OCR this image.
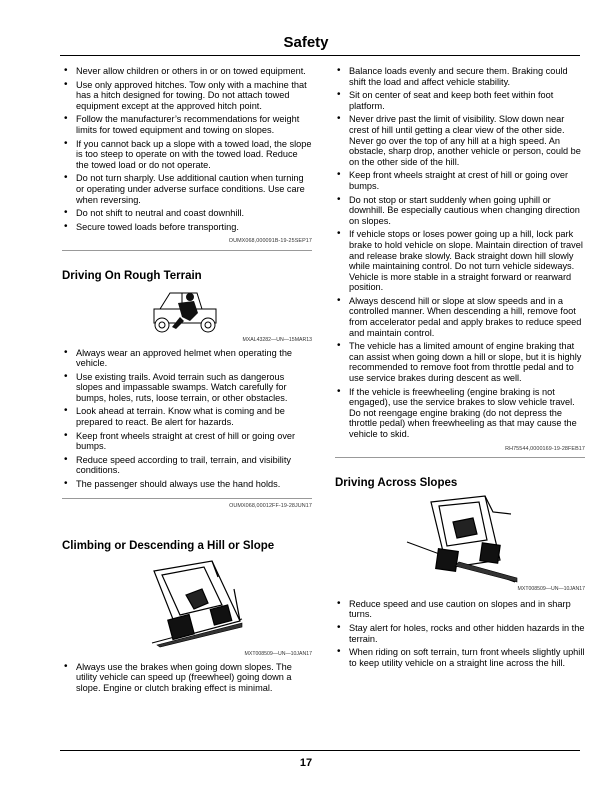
Safety
• Never allow children or others in or on towed equipment.
• Use only approved hitches. Tow only with a machine that has a hitch designed for towing. Do not attach towed equipment except at the approved hitch point.
• Follow the manufacturer’s recommendations for weight limits for towed equipment and towing on slopes.
• If you cannot back up a slope with a towed load, the slope is too steep to operate on with the towed load. Reduce the towed load or do not operate.
• Do not turn sharply. Use additional caution when turning or operating under adverse surface conditions. Use care when reversing.
• Do not shift to neutral and coast downhill.
• Secure towed loads before transporting.
OUMX068,000091B-19-25SEP17
Driving On Rough Terrain
MXAL43282—UN—15MAR13
• Always wear an approved helmet when operating the vehicle.
• Use existing trails. Avoid terrain such as dangerous slopes and impassable swamps. Watch carefully for bumps, holes, ruts, loose terrain, or other obstacles.
• Look ahead at terrain. Know what is coming and be prepared to react. Be alert for hazards.
• Keep front wheels straight at crest of hill or going over bumps.
• Reduce speed according to trail, terrain, and visibility conditions.
• The passenger should always use the hand holds.
OUMX068,00012FF-19-28JUN17
Climbing or Descending a Hill or Slope
MXT008509—UN—10JAN17
• Always use the brakes when going down slopes. The utility vehicle can speed up (freewheel) going down a slope. Engine or clutch braking effect is minimal.
• Balance loads evenly and secure them. Braking could shift the load and affect vehicle stability.
• Sit on center of seat and keep both feet within foot platform.
• Never drive past the limit of visibility. Slow down near crest of hill until getting a clear view of the other side. Never go over the top of any hill at a high speed. An obstacle, sharp drop, another vehicle or person, could be on the other side of the hill.
• Keep front wheels straight at crest of hill or going over bumps.
• Do not stop or start suddenly when going uphill or downhill. Be especially cautious when changing direction on slopes.
• If vehicle stops or loses power going up a hill, lock park brake to hold vehicle on slope. Maintain direction of travel and release brake slowly. Back straight down hill slowly while maintaining control. Do not turn vehicle sideways. Vehicle is more stable in a straight forward or rearward position.
• Always descend hill or slope at slow speeds and in a controlled manner. When descending a hill, remove foot from accelerator pedal and apply brakes to reduce speed and maintain control.
• The vehicle has a limited amount of engine braking that can assist when going down a hill or slope, but it is highly recommended to remove foot from throttle pedal and to use service brakes during descent as well.
• If the vehicle is freewheeling (engine braking is not engaged), use the service brakes to slow vehicle travel. Do not reengage engine braking (do not depress the throttle pedal) when freewheeling as that may cause the vehicle to skid.
RH75544,0000169-19-28FEB17
Driving Across Slopes
MXT008509—UN—10JAN17
• Reduce speed and use caution on slopes and in sharp turns.
• Stay alert for holes, rocks and other hidden hazards in the terrain.
• When riding on soft terrain, turn front wheels slightly uphill to keep utility vehicle on a straight line across the hill.
17
